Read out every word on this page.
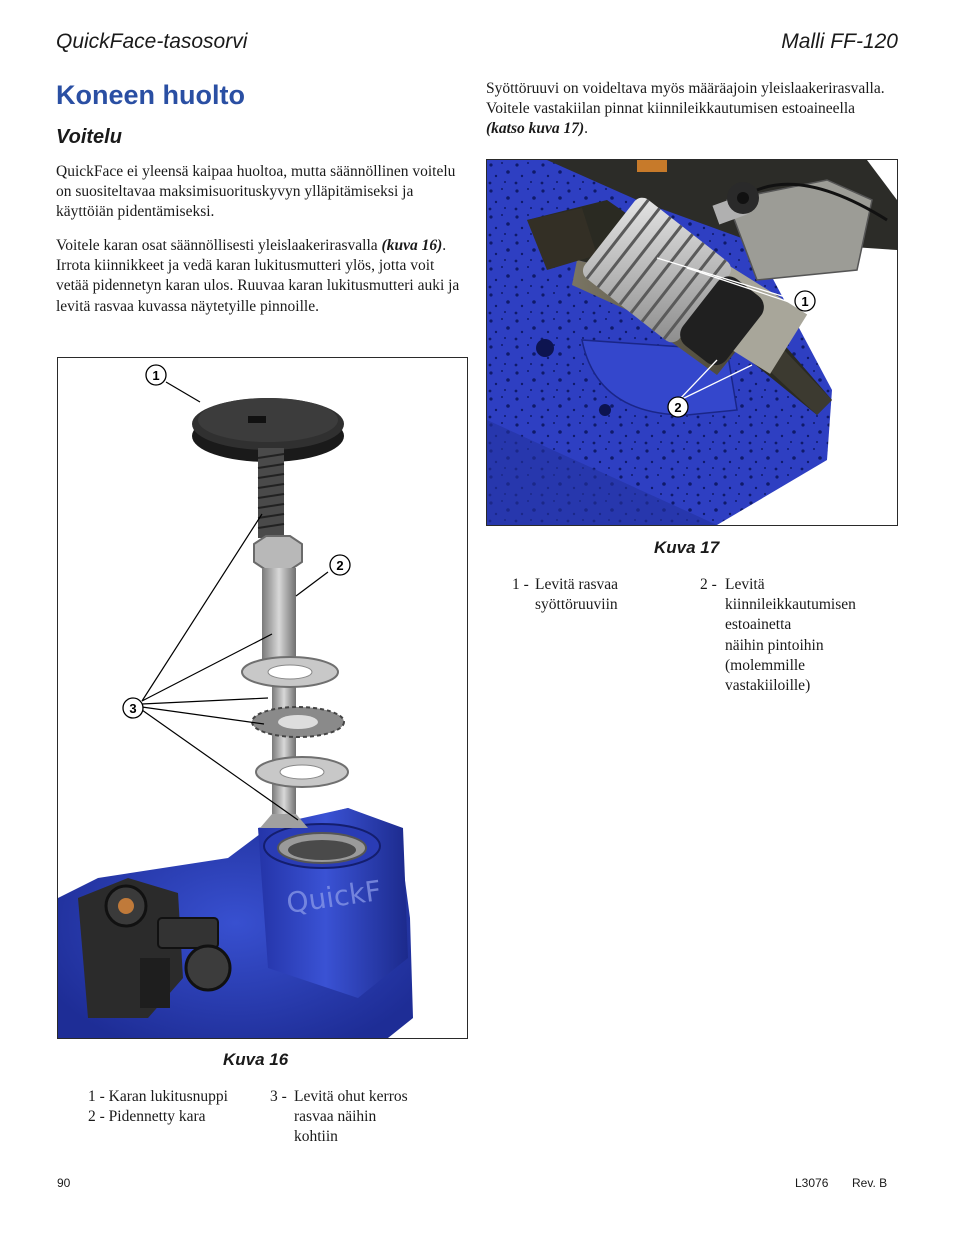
QuickFace-tasosorvi	Malli FF-120
Koneen huolto
Voitelu

QuickFace ei yleensä kaipaa huoltoa, mutta säännöllinen voitelu on suositeltavaa maksimisuorituskyvyn ylläpitämiseksi ja käyttöiän pidentämiseksi.

Voitele karan osat säännöllisesti yleislaakerirasvalla (kuva 16). Irrota kiinnikkeet ja vedä karan lukitusmutteri ylös, jotta voit vetää pidennetyn karan ulos. Ruuvaa karan lukitusmutteri auki ja levitä rasvaa kuvassa näytetyille pinnoille.

Syöttöruuvi on voideltava myös määräajoin yleislaakerirasvalla. Voitele vastakiilan pinnat kiinnileikkautumisen estoaineella (katso kuva 17).

QuickF
1
2
3
Kuva 16
1 - Karan lukitusnuppi
2 - Pidennetty kara
3 - Levitä ohut kerros
rasvaa näihin
kohtiin
1
2
Kuva 17
1 - Levitä rasvaa
syöttöruuviin
2 - Levitä
kiinnileikkautumisen
estoainetta
näihin pintoihin
(molemmille
vastakiiloille)
90	L3076 Rev. B
